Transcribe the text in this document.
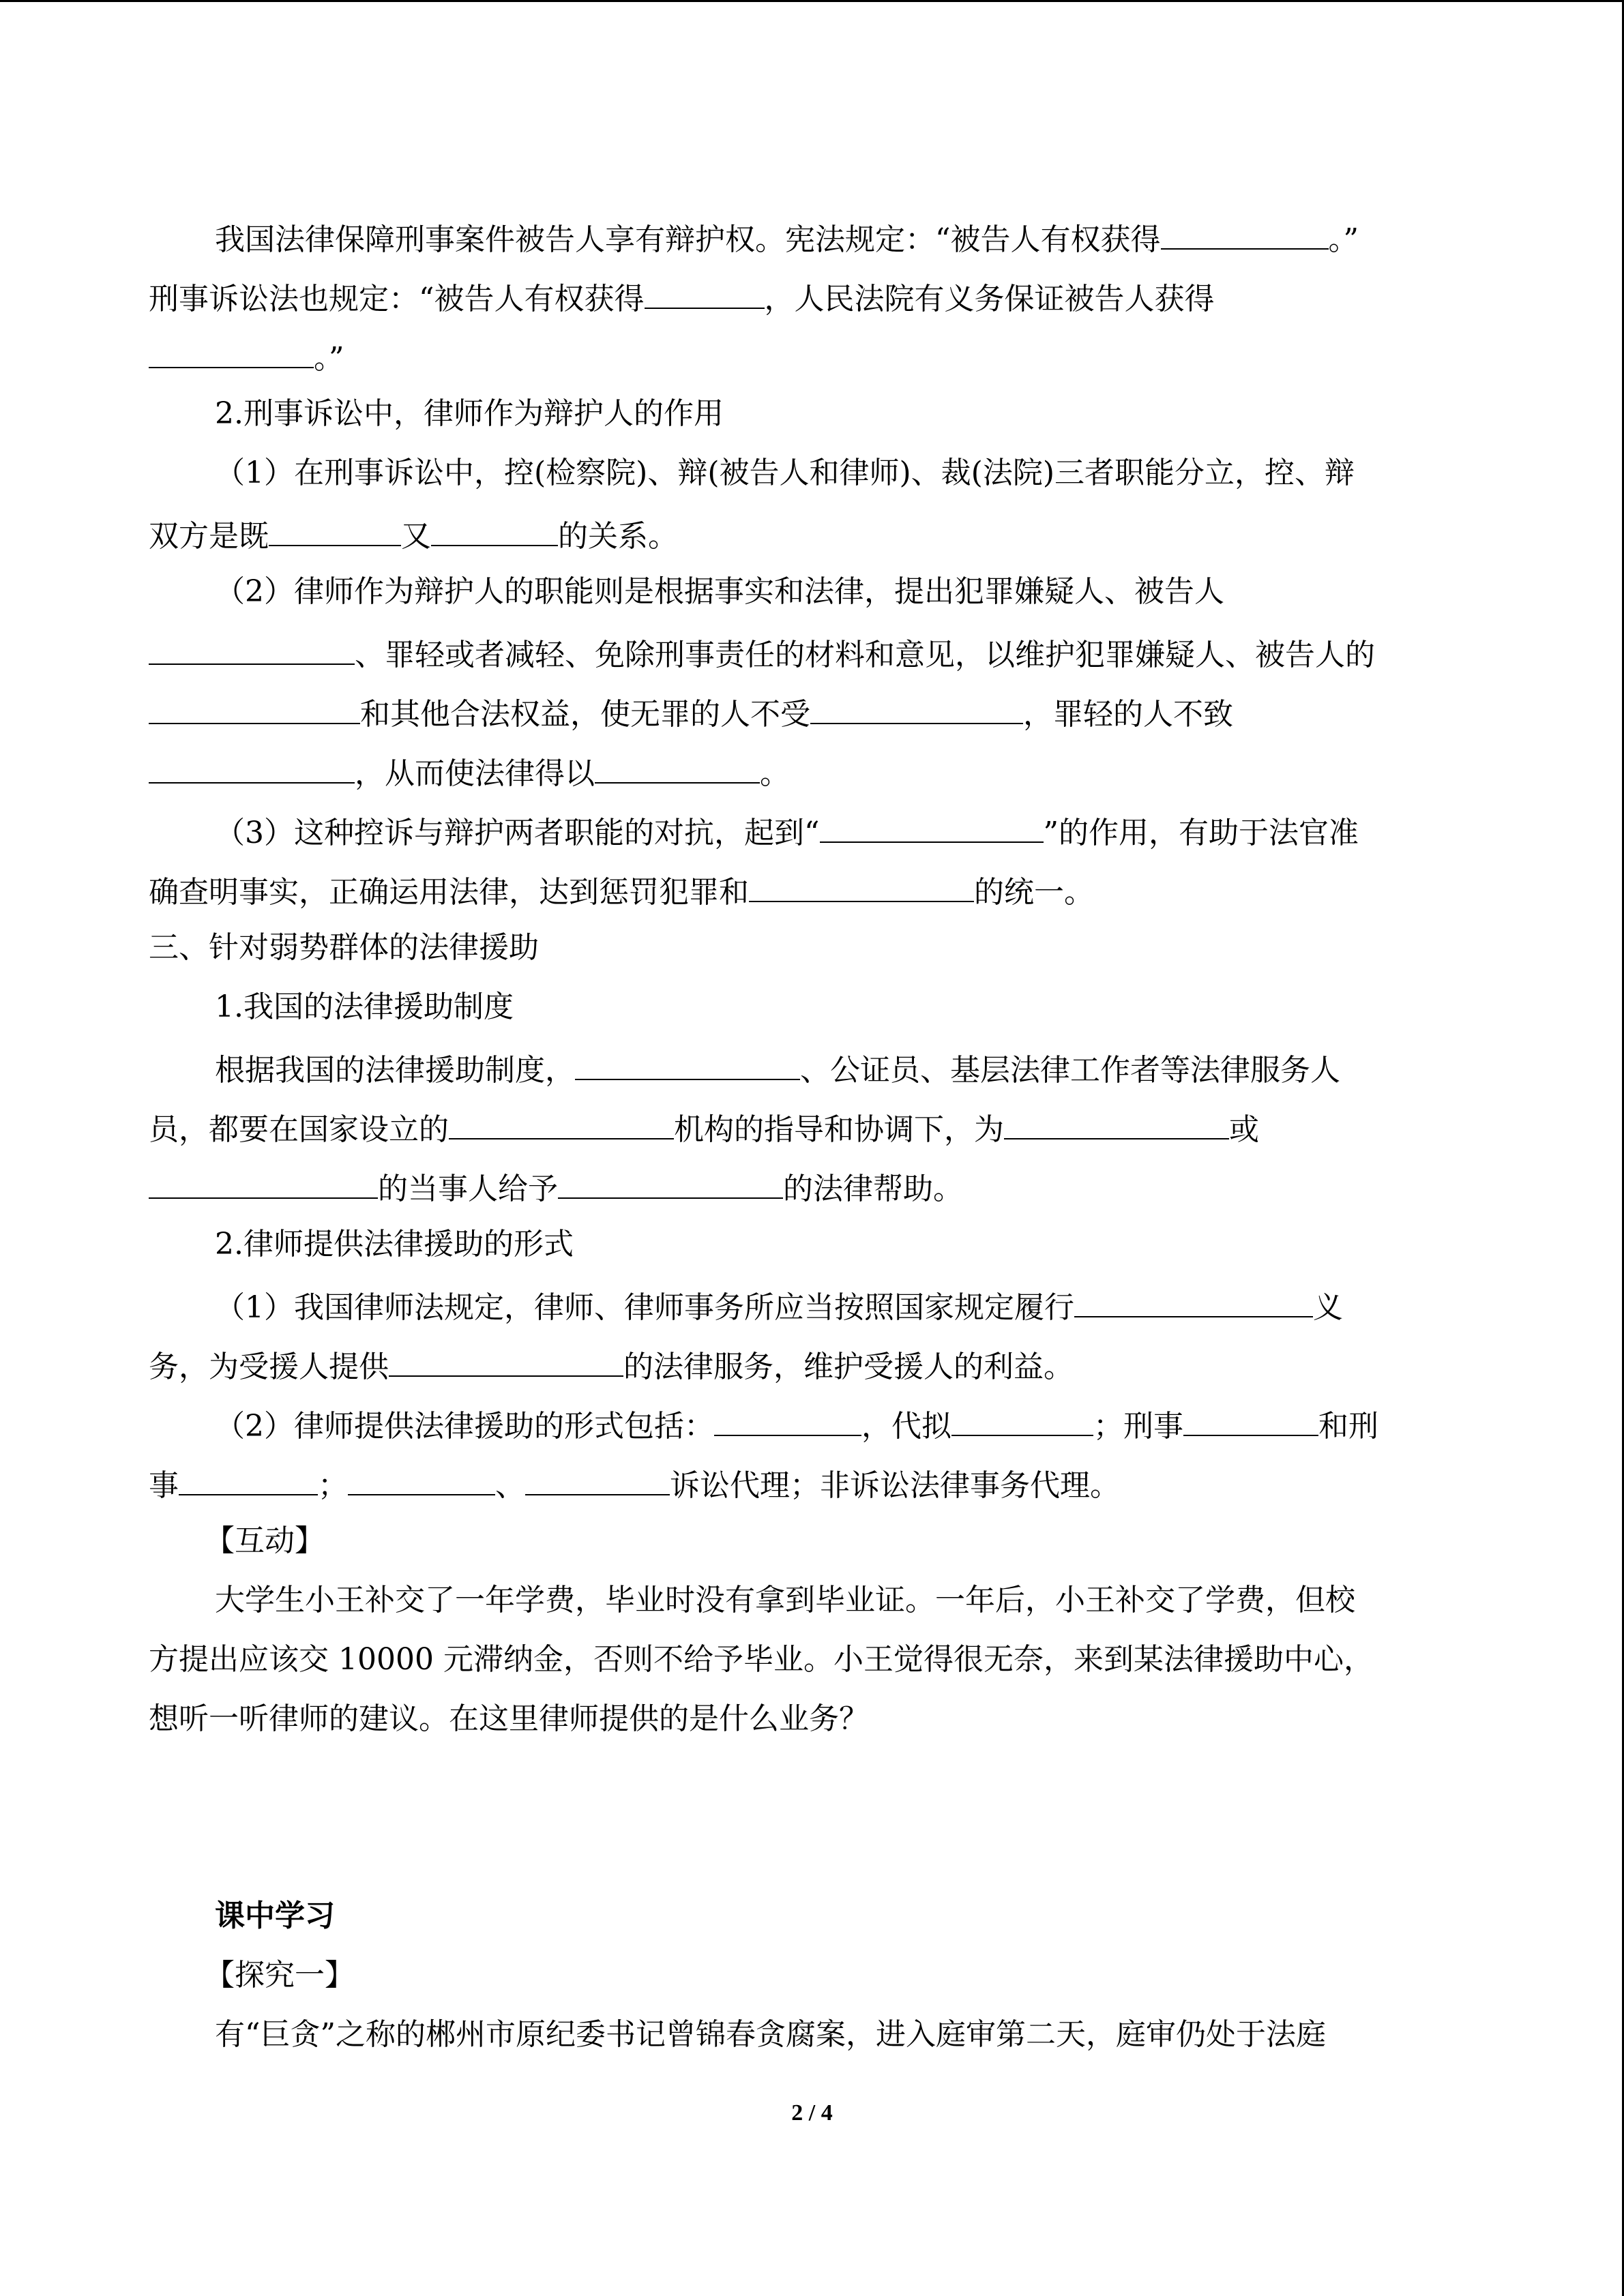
我国法律保障刑事案件被告人享有辩护权。宪法规定：“被告人有权获得	。”
刑事诉讼法也规定：“被告人有权获得	，人民法院有义务保证被告人获得
。”
2.刑事诉讼中，律师作为辩护人的作用
（1）在刑事诉讼中，控(检察院)、辩(被告人和律师)、裁(法院)三者职能分立，控、辩
双方是既	又	的关系。
（2）律师作为辩护人的职能则是根据事实和法律，提出犯罪嫌疑人、被告人
、罪轻或者减轻、免除刑事责任的材料和意见，以维护犯罪嫌疑人、被告人的
和其他合法权益，使无罪的人不受	，罪轻的人不致
，从而使法律得以	。
（3）这种控诉与辩护两者职能的对抗，起到“	”的作用，有助于法官准
确查明事实，正确运用法律，达到惩罚犯罪和	的统一。
三、针对弱势群体的法律援助
1.我国的法律援助制度
根据我国的法律援助制度，	、公证员、基层法律工作者等法律服务人
员，都要在国家设立的	机构的指导和协调下，为	或
的当事人给予	的法律帮助。
2.律师提供法律援助的形式
（1）我国律师法规定，律师、律师事务所应当按照国家规定履行	义
务，为受援人提供	的法律服务，维护受援人的利益。
（2）律师提供法律援助的形式包括：	，代拟	；刑事	和刑
事	；	、	诉讼代理；非诉讼法律事务代理。
【互动】
大学生小王补交了一年学费，毕业时没有拿到毕业证。一年后，小王补交了学费，但校
方提出应该交 10000 元滞纳金，否则不给予毕业。小王觉得很无奈，来到某法律援助中心，
想听一听律师的建议。在这里律师提供的是什么业务？
课中学习
【探究一】
有“巨贪”之称的郴州市原纪委书记曾锦春贪腐案，进入庭审第二天，庭审仍处于法庭
2 / 4
